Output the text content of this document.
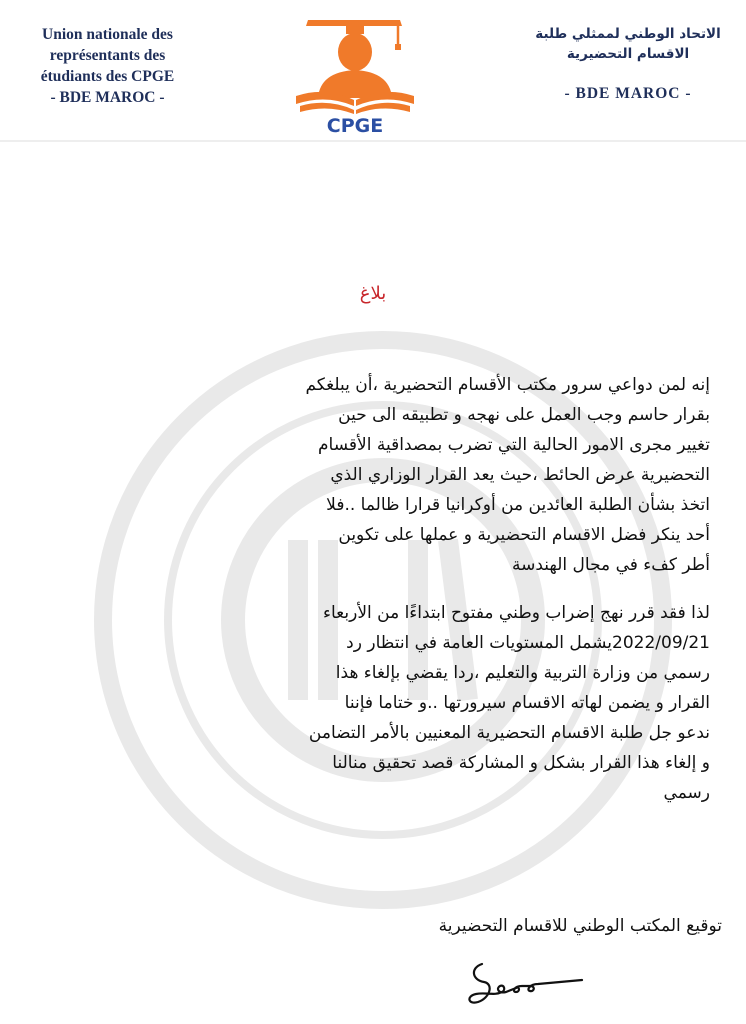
Union nationale des
représentants des
étudiants des CPGE
- BDE MAROC -
CPGE
الاتحاد الوطني لممثلي طلبة
الاقسام التحضيرية
- BDE MAROC -
بلاغ

إنه لمن دواعي سرور مكتب الأقسام التحضيرية ،أن يبلغكم
بقرار حاسم وجب العمل على نهجه و تطبيقه الى حين
تغيير مجرى الامور الحالية التي تضرب بمصداقية الأقسام
التحضيرية عرض الحائط ،حيث يعد القرار الوزاري الذي
اتخذ بشأن الطلبة العائدين من أوكرانيا قرارا ظالما ..فلا
أحد ينكر فضل الاقسام التحضيرية و عملها على تكوين
أطر كفء في مجال الهندسة

لذا فقد قرر نهج إضراب وطني مفتوح ابتداءًا من الأربعاء
2022/09/21يشمل المستويات العامة في انتظار رد
رسمي من وزارة التربية والتعليم ،ردا يقضي بإلغاء هذا
القرار و يضمن لهاته الاقسام سيرورتها ..و ختاما فإننا
ندعو جل طلبة الاقسام التحضيرية المعنيين بالأمر التضامن
و إلغاء هذا القرار بشكل و المشاركة قصد تحقيق منالنا
رسمي

توقيع المكتب الوطني للاقسام التحضيرية
